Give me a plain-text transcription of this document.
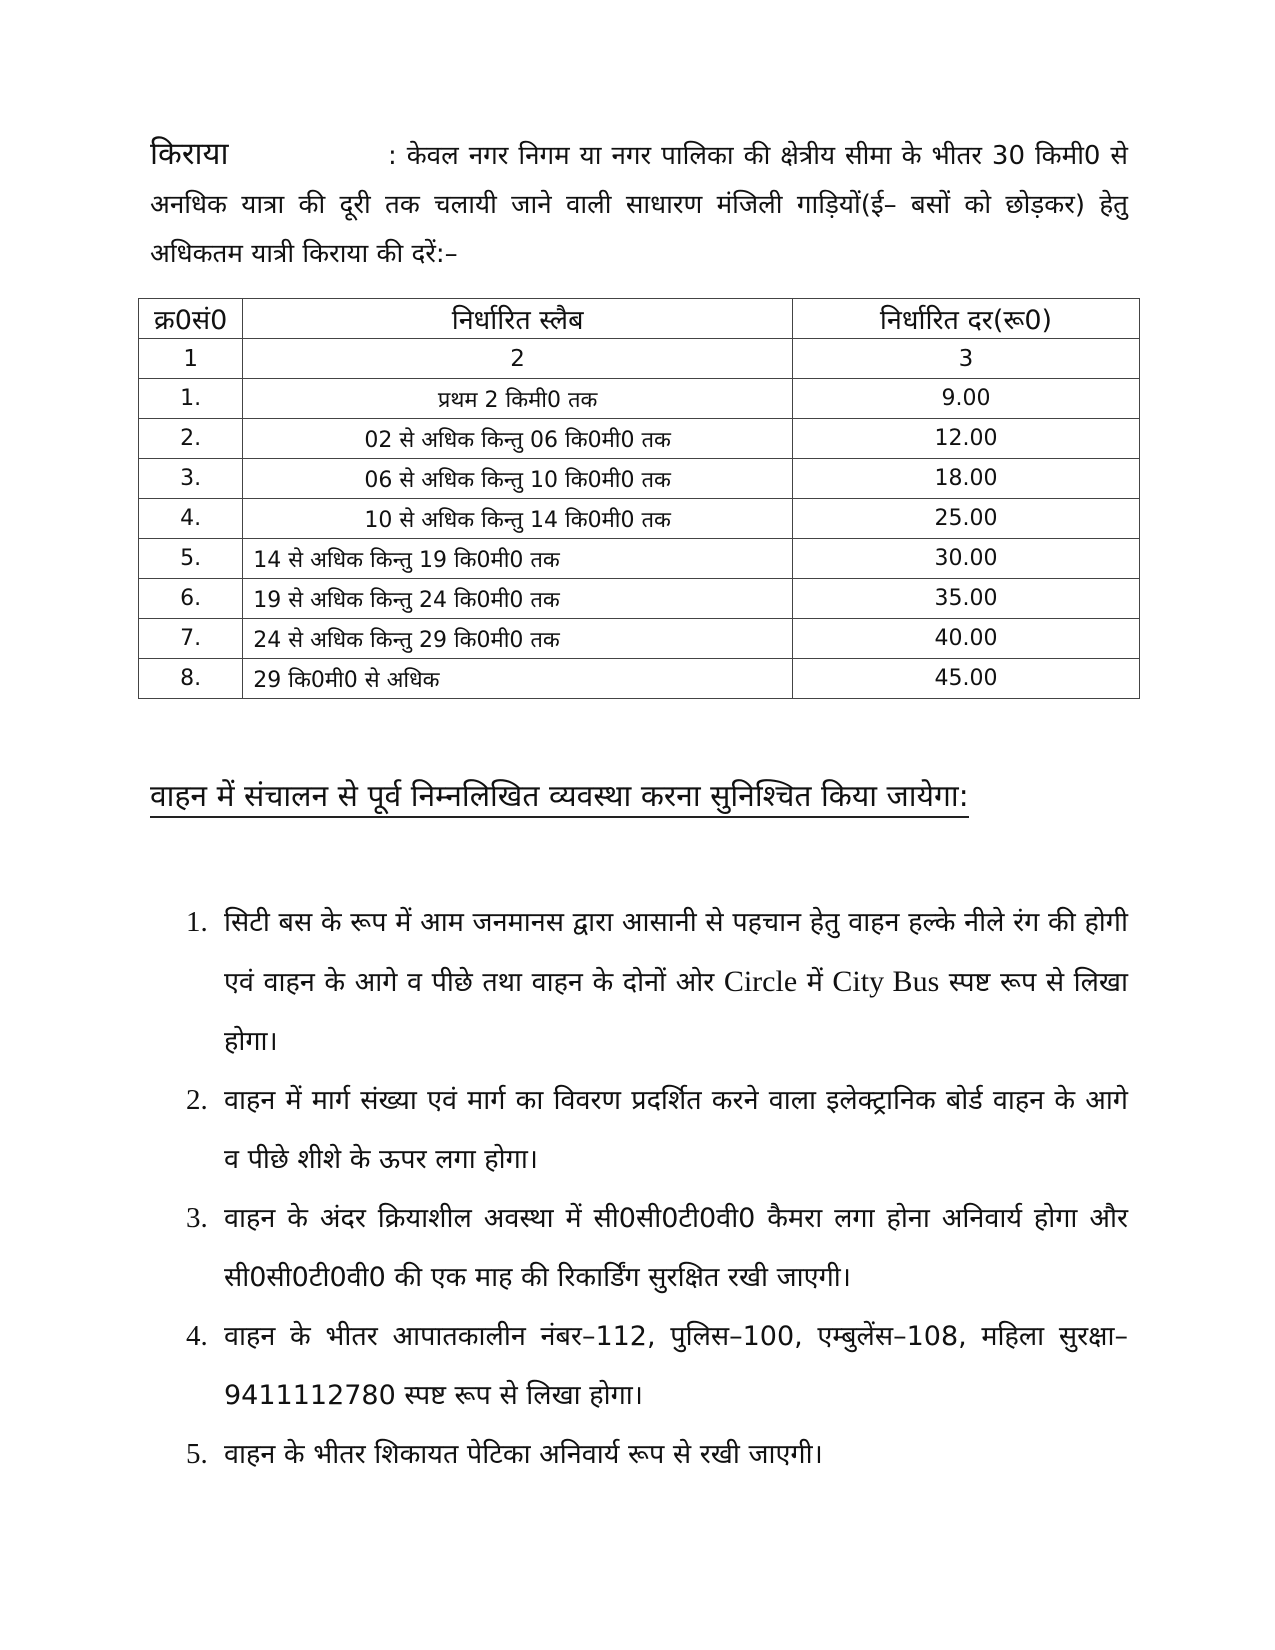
किराया	: केवल नगर निगम या नगर पालिका की क्षेत्रीय सीमा के भीतर 30 किमी0 से अनधिक यात्रा की दूरी तक चलायी जाने वाली साधारण मंजिली गाड़ियों(ई– बसों को छोड़कर) हेतु अधिकतम यात्री किराया की दरें:–
क्र0सं0	निर्धारित स्लैब	निर्धारित दर(रू0)
1	2	3
1.	प्रथम 2 किमी0 तक	9.00
2.	02 से अधिक किन्तु 06 कि0मी0 तक	12.00
3.	06 से अधिक किन्तु 10 कि0मी0 तक	18.00
4.	10 से अधिक किन्तु 14 कि0मी0 तक	25.00
5.	14 से अधिक किन्तु 19 कि0मी0 तक	30.00
6.	19 से अधिक किन्तु 24 कि0मी0 तक	35.00
7.	24 से अधिक किन्तु 29 कि0मी0 तक	40.00
8.	29 कि0मी0 से अधिक	45.00
वाहन में संचालन से पूर्व निम्नलिखित व्यवस्था करना सुनिश्चित किया जायेगा:
1. सिटी बस के रूप में आम जनमानस द्वारा आसानी से पहचान हेतु वाहन हल्के नीले रंग की होगी एवं वाहन के आगे व पीछे तथा वाहन के दोनों ओर Circle में City Bus स्पष्ट रूप से लिखा होगा।
2. वाहन में मार्ग संख्या एवं मार्ग का विवरण प्रदर्शित करने वाला इलेक्ट्रानिक बोर्ड वाहन के आगे व पीछे शीशे के ऊपर लगा होगा।
3. वाहन के अंदर क्रियाशील अवस्था में सी0सी0टी0वी0 कैमरा लगा होना अनिवार्य होगा और सी0सी0टी0वी0 की एक माह की रिकार्डिंग सुरक्षित रखी जाएगी।
4. वाहन के भीतर आपातकालीन नंबर–112, पुलिस–100, एम्बुलेंस–108, महिला सुरक्षा–9411112780 स्पष्ट रूप से लिखा होगा।
5. वाहन के भीतर शिकायत पेटिका अनिवार्य रूप से रखी जाएगी।
